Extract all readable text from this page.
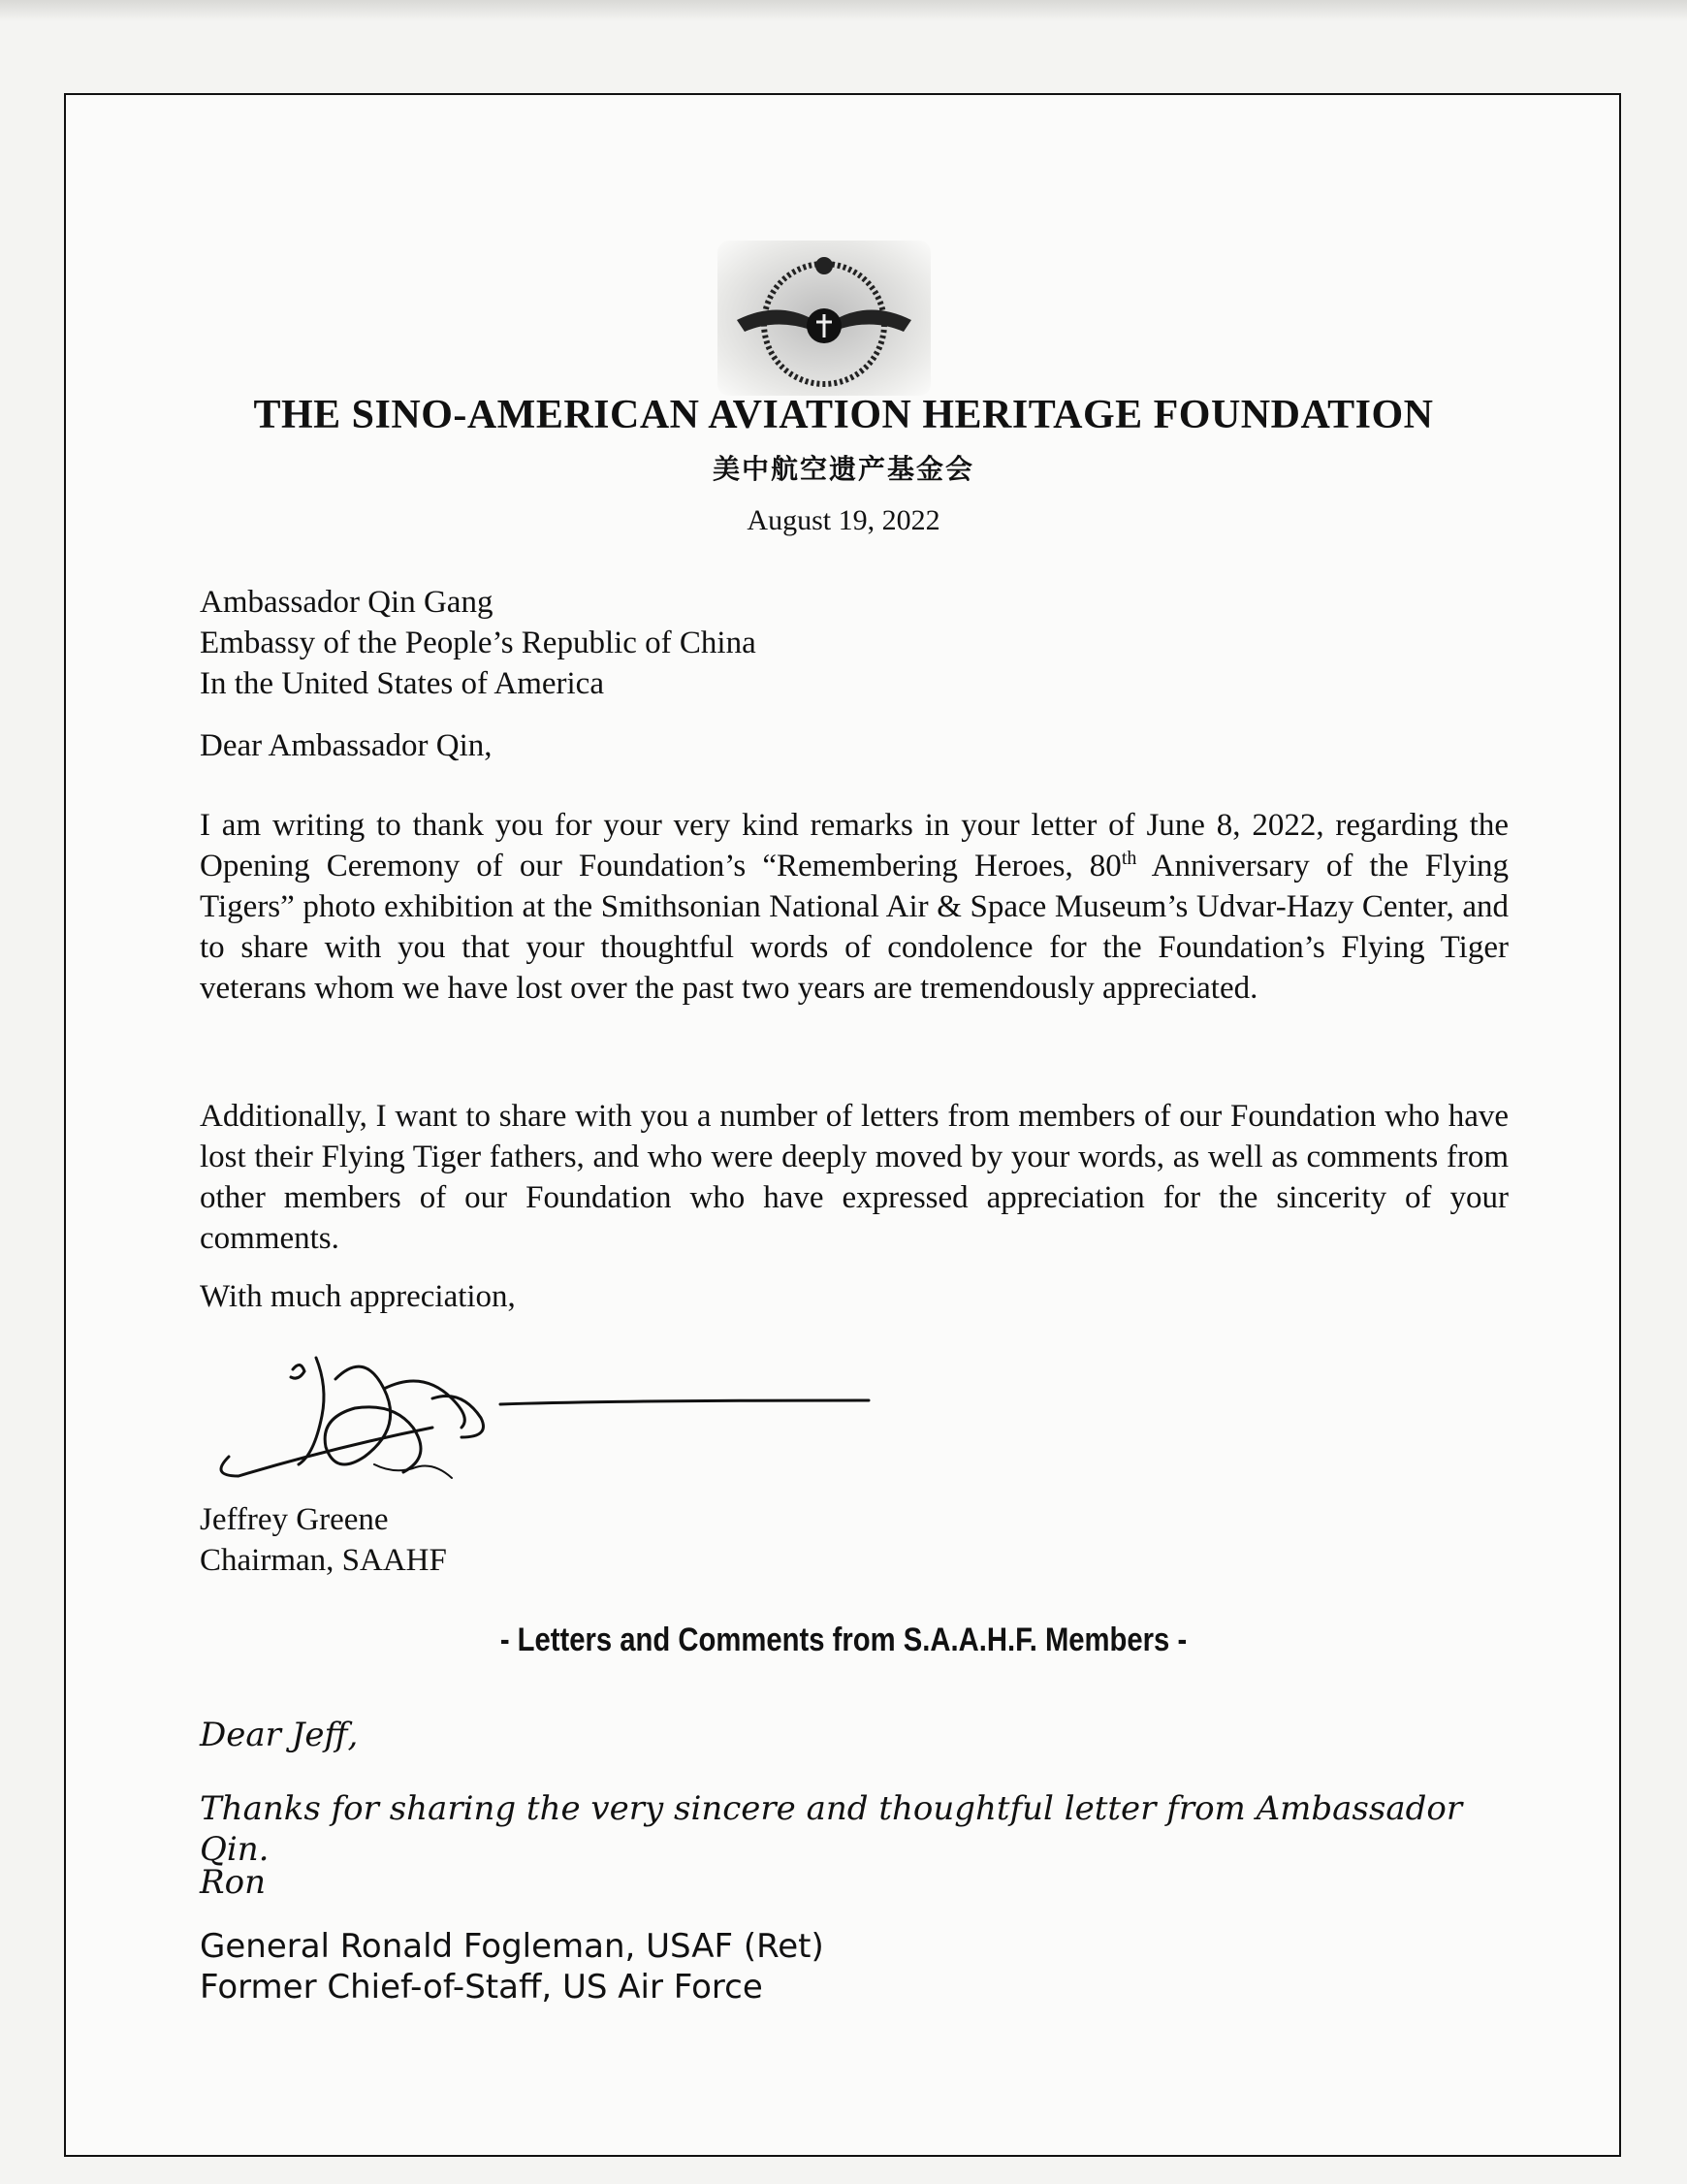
THE SINO-AMERICAN AVIATION HERITAGE FOUNDATION
美中航空遗产基金会
August 19, 2022
Ambassador Qin Gang
Embassy of the People’s Republic of China
In the United States of America
Dear Ambassador Qin,
I am writing to thank you for your very kind remarks in your letter of June 8, 2022, regarding the Opening Ceremony of our Foundation’s “Remembering Heroes, 80th Anniversary of the Flying Tigers” photo exhibition at the Smithsonian National Air & Space Museum’s Udvar-Hazy Center, and to share with you that your thoughtful words of condolence for the Foundation’s Flying Tiger veterans whom we have lost over the past two years are tremendously appreciated.
Additionally, I want to share with you a number of letters from members of our Foundation who have lost their Flying Tiger fathers, and who were deeply moved by your words, as well as comments from other members of our Foundation who have expressed appreciation for the sincerity of your comments.
With much appreciation,
Jeffrey Greene
Chairman, SAAHF
- Letters and Comments from S.A.A.H.F. Members -
Dear Jeff,
Thanks for sharing the very sincere and thoughtful letter from Ambassador Qin.
Ron
General Ronald Fogleman, USAF (Ret)
Former Chief-of-Staff, US Air Force
